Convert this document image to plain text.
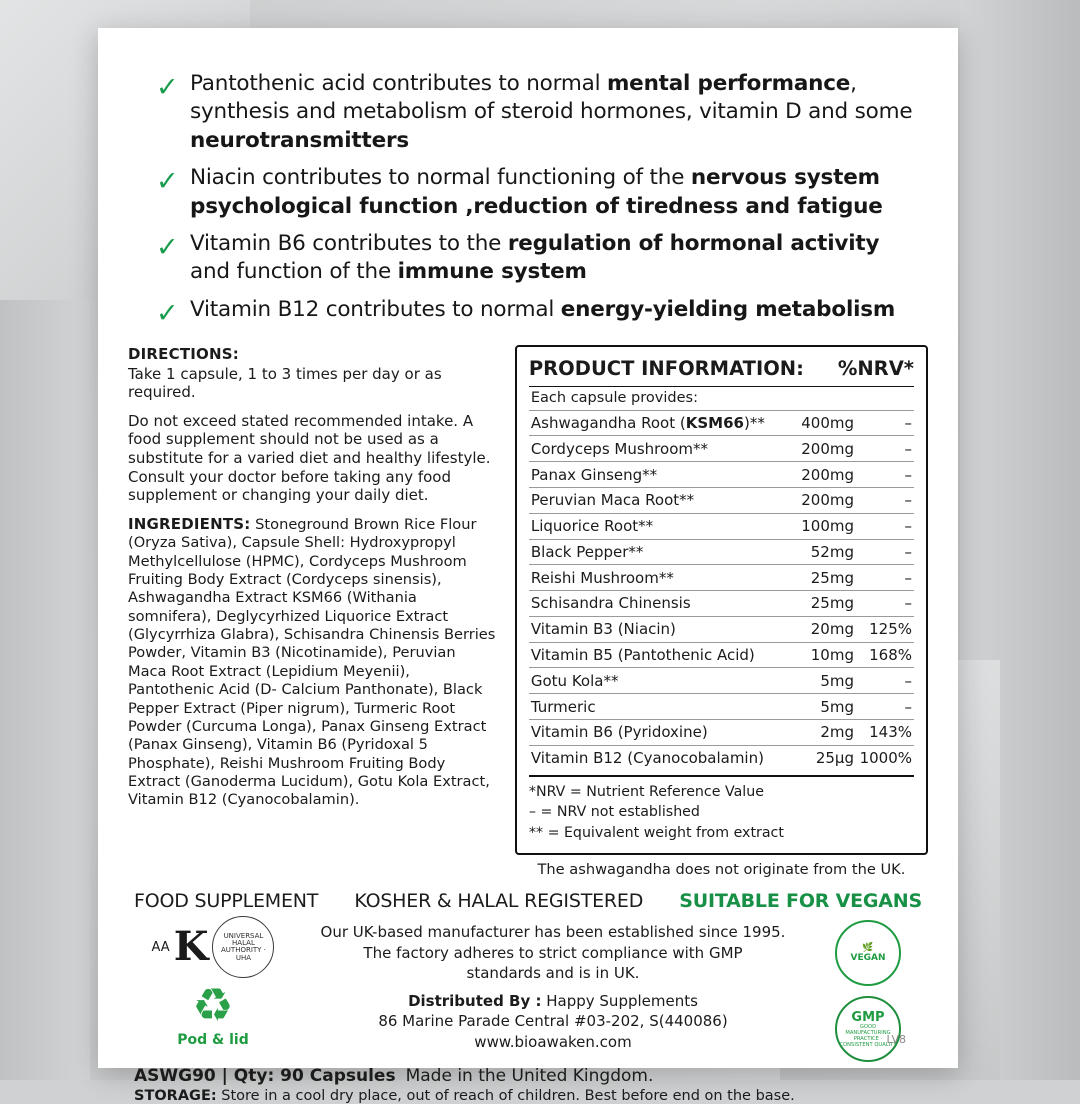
✓ Pantothenic acid contributes to normal mental performance, synthesis and metabolism of steroid hormones, vitamin D and some neurotransmitters
✓ Niacin contributes to normal functioning of the nervous system psychological function ,reduction of tiredness and fatigue
✓ Vitamin B6 contributes to the regulation of hormonal activity and function of the immune system
✓ Vitamin B12 contributes to normal energy-yielding metabolism
DIRECTIONS:
Take 1 capsule, 1 to 3 times per day or as required.
Do not exceed stated recommended intake. A food supplement should not be used as a substitute for a varied diet and healthy lifestyle. Consult your doctor before taking any food supplement or changing your daily diet.
INGREDIENTS: Stoneground Brown Rice Flour (Oryza Sativa), Capsule Shell: Hydroxypropyl Methylcellulose (HPMC), Cordyceps Mushroom Fruiting Body Extract (Cordyceps sinensis), Ashwagandha Extract KSM66 (Withania somnifera), Deglycyrhized Liquorice Extract (Glycyrrhiza Glabra), Schisandra Chinensis Berries Powder, Vitamin B3 (Nicotinamide), Peruvian Maca Root Extract (Lepidium Meyenii), Pantothenic Acid (D- Calcium Panthonate), Black Pepper Extract (Piper nigrum), Turmeric Root Powder (Curcuma Longa), Panax Ginseng Extract (Panax Ginseng), Vitamin B6 (Pyridoxal 5 Phosphate), Reishi Mushroom Fruiting Body Extract (Ganoderma Lucidum), Gotu Kola Extract, Vitamin B12 (Cyanocobalamin).
PRODUCT INFORMATION: %NRV*
Each capsule provides:
Ashwagandha Root (KSM66)**	400mg	–
Cordyceps Mushroom**	200mg	–
Panax Ginseng**	200mg	–
Peruvian Maca Root**	200mg	–
Liquorice Root**	100mg	–
Black Pepper**	52mg	–
Reishi Mushroom**	25mg	–
Schisandra Chinensis	25mg	–
Vitamin B3 (Niacin)	20mg	125%
Vitamin B5 (Pantothenic Acid)	10mg	168%
Gotu Kola**	5mg	–
Turmeric	5mg	–
Vitamin B6 (Pyridoxine)	2mg	143%
Vitamin B12 (Cyanocobalamin)	25µg	1000%
*NRV = Nutrient Reference Value
– = NRV not established
** = Equivalent weight from extract
The ashwagandha does not originate from the UK.
FOOD SUPPLEMENT KOSHER & HALAL REGISTERED SUITABLE FOR VEGANS
AA K	UNIVERSAL HALAL AUTHORITY · UHA
♻
Pod & lid
Our UK-based manufacturer has been established since 1995.
The factory adheres to strict compliance with GMP
standards and is in UK.
Distributed By : Happy Supplements
86 Marine Parade Central #03-202, S(440086)
www.bioawaken.com
🌿
VEGAN
GMP
GOOD MANUFACTURING PRACTICE · CONSISTENT QUALITY
ASWG90 | Qty: 90 Capsules Made in the United Kingdom.
STORAGE: Store in a cool dry place, out of reach of children. Best before end on the base.
LV8
